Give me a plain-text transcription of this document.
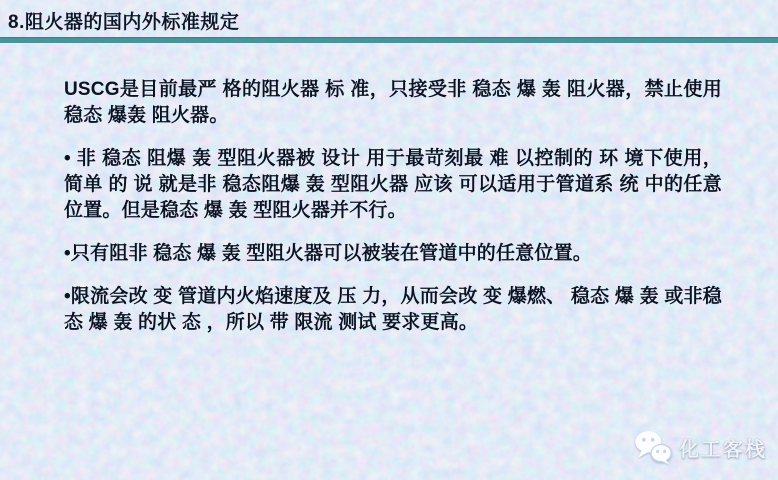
8.阻火器的国内外标准规定

USCG是目前最严 格的阻火器 标 准，只接受非 稳态 爆 轰 阻火器，禁止使用 稳态 爆轰 阻火器。

• 非 稳态 阻爆 轰 型阻火器被 设计 用于最苛刻最 难 以控制的 环 境下使用，简单 的 说 就是非 稳态阻爆 轰 型阻火器 应该 可以适用于管道系 统 中的任意位置。但是稳态 爆 轰 型阻火器并不行。

•只有阻非 稳态 爆 轰 型阻火器可以被装在管道中的任意位置。

•限流会改 变 管道内火焰速度及 压 力，从而会改 变 爆燃、 稳态 爆 轰 或非稳态 爆 轰 的状 态 ，所以 带 限流 测试 要求更高。

化工客栈
